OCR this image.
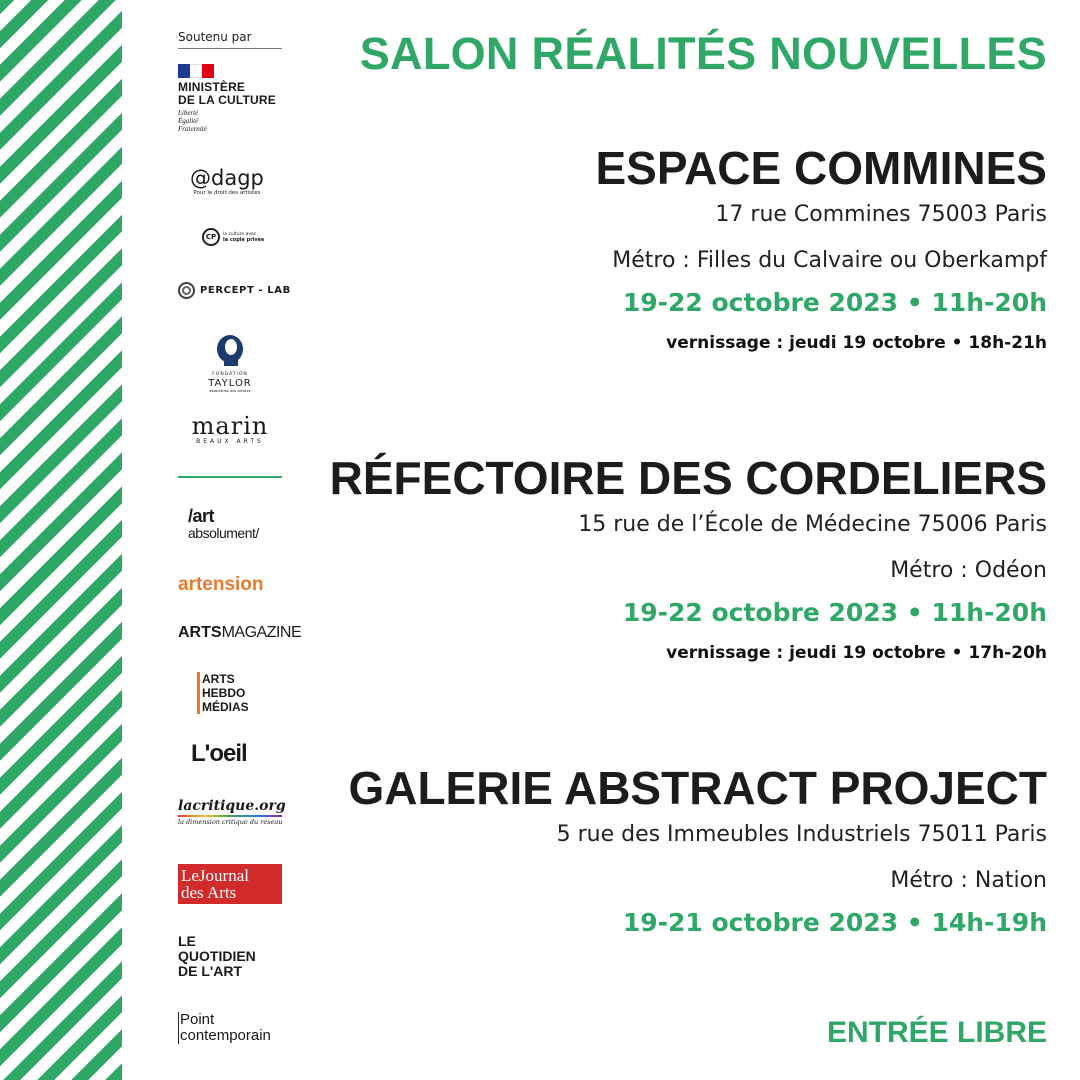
Soutenu par
MINISTÈRE
DE LA CULTURE
Liberté
Égalité
Fraternité
@dagp
Pour le droit des artistes
CP	la culture avec
la copie privée
PERCEPT - LAB
FONDATION
TAYLOR
association des artistes
marin
BEAUX ARTS
/art
absolument/
artension
ARTSMAGAZINE
ARTS
HEBDO
MÉDIAS
L'oeil
lacritique.org
la dimension critique du réseau
LeJournal
des Arts
LE
QUOTIDIEN
DE L'ART
Point
contemporain
SALON RÉALITÉS NOUVELLES
ESPACE COMMINES
17 rue Commines 75003 Paris
Métro : Filles du Calvaire ou Oberkampf
19-22 octobre 2023 • 11h-20h
vernissage : jeudi 19 octobre • 18h-21h
RÉFECTOIRE DES CORDELIERS
15 rue de l’École de Médecine 75006 Paris
Métro : Odéon
19-22 octobre 2023 • 11h-20h
vernissage : jeudi 19 octobre • 17h-20h
GALERIE ABSTRACT PROJECT
5 rue des Immeubles Industriels 75011 Paris
Métro : Nation
19-21 octobre 2023 • 14h-19h
ENTRÉE LIBRE
